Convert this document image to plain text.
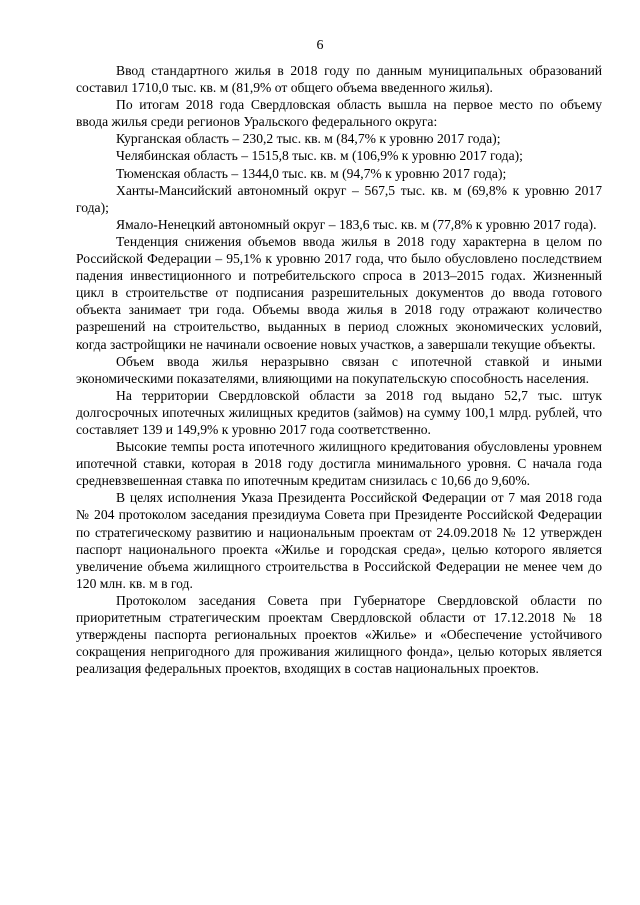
6

Ввод стандартного жилья в 2018 году по данным муниципальных образований составил 1710,0 тыс. кв. м (81,9% от общего объема введенного жилья).

По итогам 2018 года Свердловская область вышла на первое место по объему ввода жилья среди регионов Уральского федерального округа:

Курганская область – 230,2 тыс. кв. м (84,7% к уровню 2017 года);

Челябинская область – 1515,8 тыс. кв. м (106,9% к уровню 2017 года);

Тюменская область – 1344,0 тыс. кв. м (94,7% к уровню 2017 года);

Ханты-Мансийский автономный округ – 567,5 тыс. кв. м (69,8% к уровню 2017 года);

Ямало-Ненецкий автономный округ – 183,6 тыс. кв. м (77,8% к уровню 2017 года).

Тенденция снижения объемов ввода жилья в 2018 году характерна в целом по Российской Федерации – 95,1% к уровню 2017 года, что было обусловлено последствием падения инвестиционного и потребительского спроса в 2013–2015 годах. Жизненный цикл в строительстве от подписания разрешительных документов до ввода готового объекта занимает три года. Объемы ввода жилья в 2018 году отражают количество разрешений на строительство, выданных в период сложных экономических условий, когда застройщики не начинали освоение новых участков, а завершали текущие объекты.

Объем ввода жилья неразрывно связан с ипотечной ставкой и иными экономическими показателями, влияющими на покупательскую способность населения.

На территории Свердловской области за 2018 год выдано 52,7 тыс. штук долгосрочных ипотечных жилищных кредитов (займов) на сумму 100,1 млрд. рублей, что составляет 139 и 149,9% к уровню 2017 года соответственно.

Высокие темпы роста ипотечного жилищного кредитования обусловлены уровнем ипотечной ставки, которая в 2018 году достигла минимального уровня. С начала года средневзвешенная ставка по ипотечным кредитам снизилась с 10,66 до 9,60%.

В целях исполнения Указа Президента Российской Федерации от 7 мая 2018 года № 204 протоколом заседания президиума Совета при Президенте Российской Федерации по стратегическому развитию и национальным проектам от 24.09.2018 № 12 утвержден паспорт национального проекта «Жилье и городская среда», целью которого является увеличение объема жилищного строительства в Российской Федерации не менее чем до 120 млн. кв. м в год.

Протоколом заседания Совета при Губернаторе Свердловской области по приоритетным стратегическим проектам Свердловской области от 17.12.2018 № 18 утверждены паспорта региональных проектов «Жилье» и «Обеспечение устойчивого сокращения непригодного для проживания жилищного фонда», целью которых является реализация федеральных проектов, входящих в состав национальных проектов.
